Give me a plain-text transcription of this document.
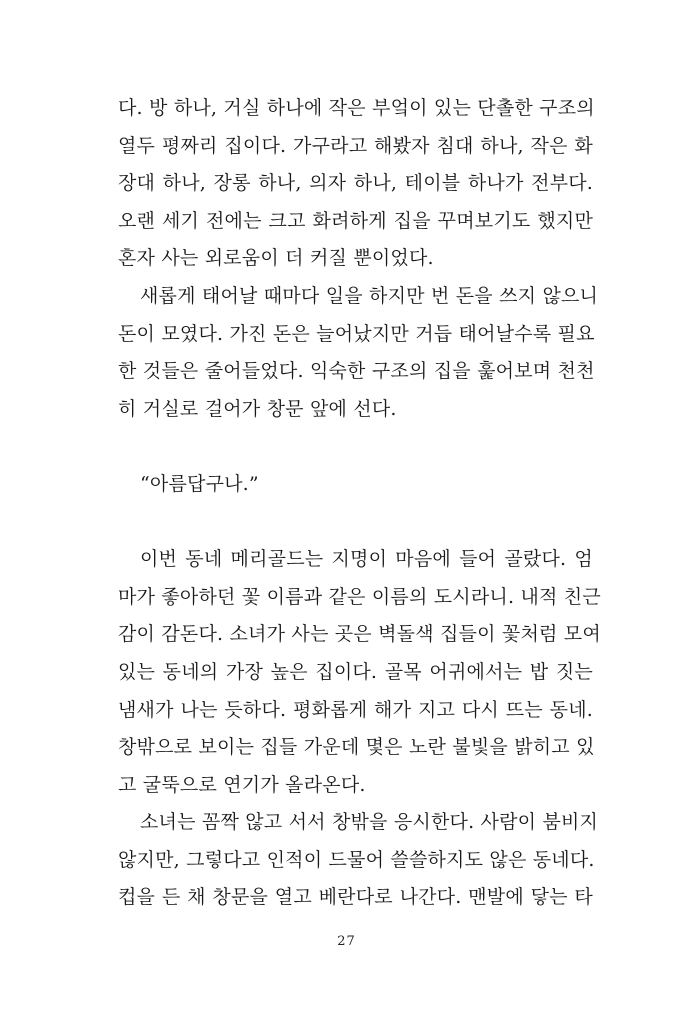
다. 방 하나, 거실 하나에 작은 부엌이 있는 단촐한 구조의
열두 평짜리 집이다. 가구라고 해봤자 침대 하나, 작은 화
장대 하나, 장롱 하나, 의자 하나, 테이블 하나가 전부다.
오랜 세기 전에는 크고 화려하게 집을 꾸며보기도 했지만
혼자 사는 외로움이 더 커질 뿐이었다.
새롭게 태어날 때마다 일을 하지만 번 돈을 쓰지 않으니
돈이 모였다. 가진 돈은 늘어났지만 거듭 태어날수록 필요
한 것들은 줄어들었다. 익숙한 구조의 집을 훑어보며 천천
히 거실로 걸어가 창문 앞에 선다.
“아름답구나.”
이번 동네 메리골드는 지명이 마음에 들어 골랐다. 엄
마가 좋아하던 꽃 이름과 같은 이름의 도시라니. 내적 친근
감이 감돈다. 소녀가 사는 곳은 벽돌색 집들이 꽃처럼 모여
있는 동네의 가장 높은 집이다. 골목 어귀에서는 밥 짓는
냄새가 나는 듯하다. 평화롭게 해가 지고 다시 뜨는 동네.
창밖으로 보이는 집들 가운데 몇은 노란 불빛을 밝히고 있
고 굴뚝으로 연기가 올라온다.
소녀는 꼼짝 않고 서서 창밖을 응시한다. 사람이 붐비지
않지만, 그렇다고 인적이 드물어 쓸쓸하지도 않은 동네다.
컵을 든 채 창문을 열고 베란다로 나간다. 맨발에 닿는 타
27
